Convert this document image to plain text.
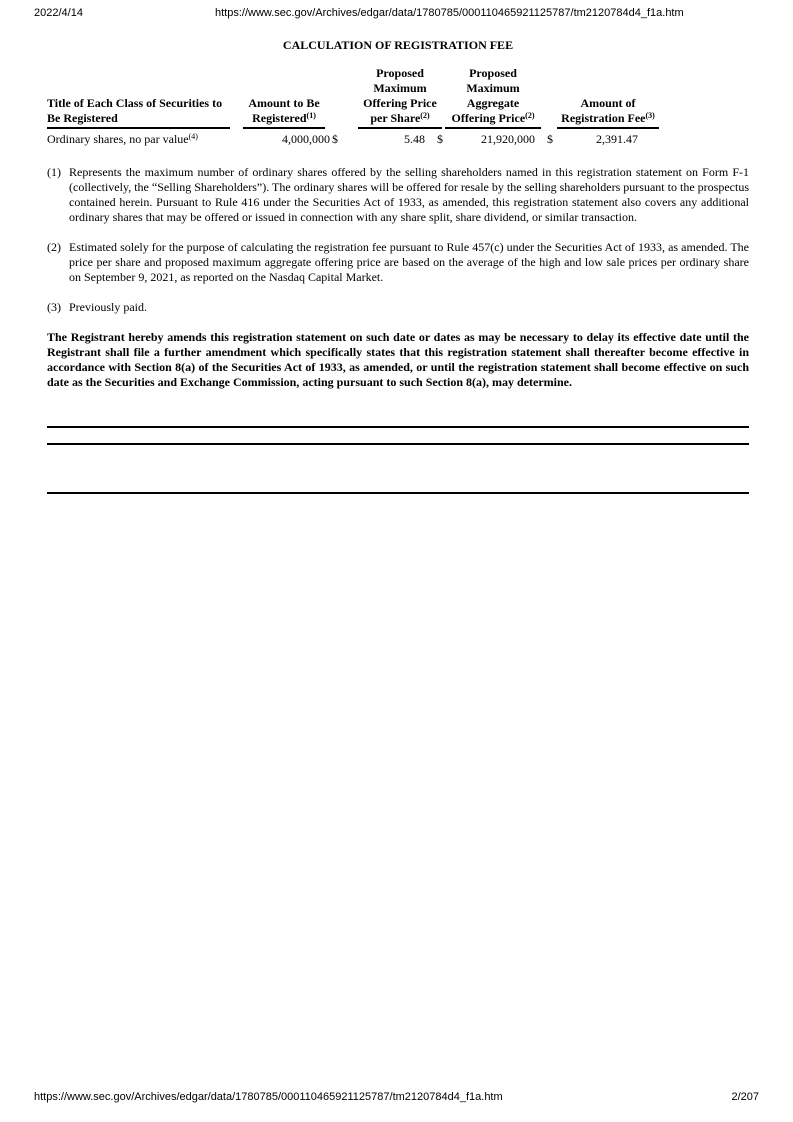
2022/4/14	https://www.sec.gov/Archives/edgar/data/1780785/000110465921125787/tm2120784d4_f1a.htm
CALCULATION OF REGISTRATION FEE
Title of Each Class of Securities to Be Registered	Amount to Be Registered$^{(1)}$		Proposed Maximum Offering Price per Share$^{(2)}$		Proposed Maximum Aggregate Offering Price$^{(2)}$		Amount of Registration Fee$^{(3)}$

Ordinary shares, no par value$^{(4)}$	4,000,000	$	5.48	$	21,920,000	$	2,391.47	
(1) Represents the maximum number of ordinary shares offered by the selling shareholders named in this registration statement on Form F-1 (collectively, the “Selling Shareholders”). The ordinary shares will be offered for resale by the selling shareholders pursuant to the prospectus contained herein. Pursuant to Rule 416 under the Securities Act of 1933, as amended, this registration statement also covers any additional ordinary shares that may be offered or issued in connection with any share split, share dividend, or similar transaction.
(2) Estimated solely for the purpose of calculating the registration fee pursuant to Rule 457(c) under the Securities Act of 1933, as amended. The price per share and proposed maximum aggregate offering price are based on the average of the high and low sale prices per ordinary share on September 9, 2021, as reported on the Nasdaq Capital Market.
(3) Previously paid.
The Registrant hereby amends this registration statement on such date or dates as may be necessary to delay its effective date until the Registrant shall file a further amendment which specifically states that this registration statement shall thereafter become effective in accordance with Section 8(a) of the Securities Act of 1933, as amended, or until the registration statement shall become effective on such date as the Securities and Exchange Commission, acting pursuant to such Section 8(a), may determine.
https://www.sec.gov/Archives/edgar/data/1780785/000110465921125787/tm2120784d4_f1a.htm	2/207
